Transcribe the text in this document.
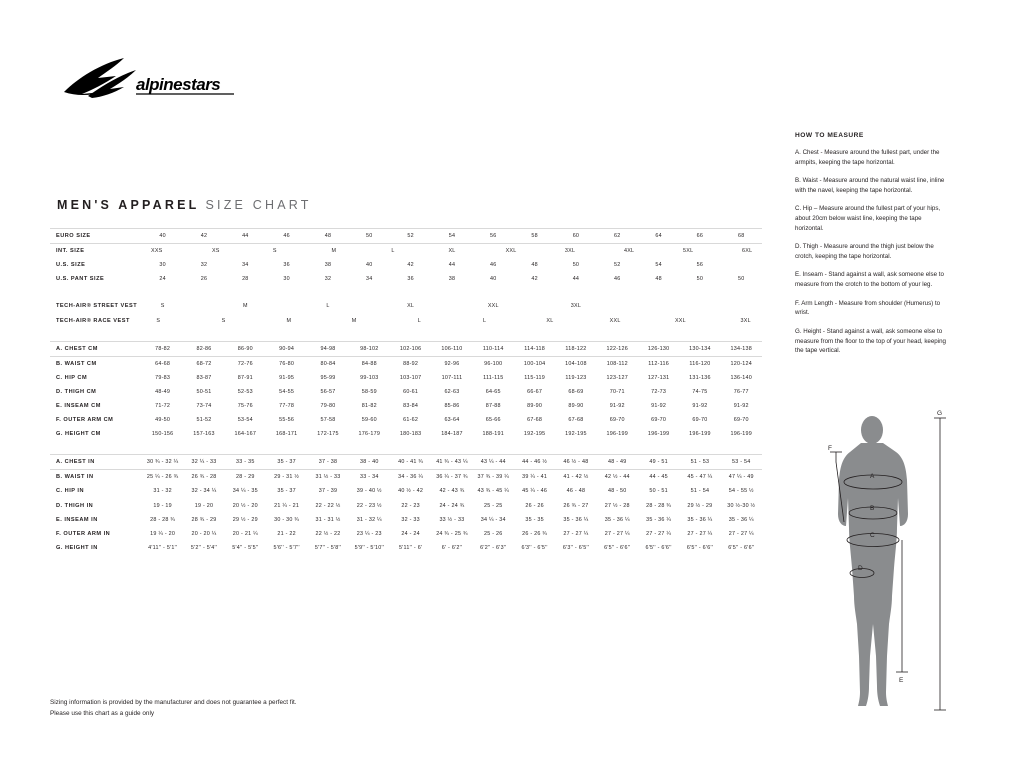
alpinestars
MEN'S APPAREL SIZE CHART
EURO SIZE	40	42	44	46	48	50	52	54	56	58	60	62	64	66	68
INT. SIZE	XXS	XS	S	M	L	XL	XXL	3XL	4XL	5XL	6XL

U.S. SIZE	30	32	34	36	38	40	42	44	46	48	50	52	54	56	
U.S. PANT SIZE	24	26	28	30	32	34	36	38	40	42	44	46	48	50	50

TECH-AIR® STREET VEST	S		M		L		XL		XXL		3XL				
TECH-AIR® RACE VEST	S	S	M	M	L	L	XL	XXL	XXL	3XL

A. CHEST CM	78-82	82-86	86-90	90-94	94-98	98-102	102-106	106-110	110-114	114-118	118-122	122-126	126-130	130-134	134-138
B. WAIST CM	64-68	68-72	72-76	76-80	80-84	84-88	88-92	92-96	96-100	100-104	104-108	108-112	112-116	116-120	120-124
C. HIP CM	79-83	83-87	87-91	91-95	95-99	99-103	103-107	107-111	111-115	115-119	119-123	123-127	127-131	131-136	136-140
D. THIGH CM	48-49	50-51	52-53	54-55	56-57	58-59	60-61	62-63	64-65	66-67	68-69	70-71	72-73	74-75	76-77
E. INSEAM CM	71-72	73-74	75-76	77-78	79-80	81-82	83-84	85-86	87-88	89-90	89-90	91-92	91-92	91-92	91-92
F. OUTER ARM CM	49-50	51-52	53-54	55-56	57-58	59-60	61-62	63-64	65-66	67-68	67-68	69-70	69-70	69-70	69-70
G. HEIGHT CM	150-156	157-163	164-167	168-171	172-175	176-179	180-183	184-187	188-191	192-195	192-195	196-199	196-199	196-199	196-199

A. CHEST IN	30 ¾ - 32 ¼	32 ¼ - 33	33 - 35	35 - 37	37 - 38	38 - 40	40 - 41 ¾	41 ¾ - 43 ¼	43 ¼ - 44	44 - 46 ½	46 ½ - 48	48 - 49	49 - 51	51 - 53	53 - 54
B. WAIST IN	25 ¼ - 26 ¾	26 ¾ - 28	28 - 29	29 - 31 ½	31 ½ - 33	33 - 34	34 - 36 ¼	36 ¼ - 37 ¾	37 ¾ - 39 ¼	39 ¼ - 41	41 - 42 ½	42 ½ - 44	44 - 45	45 - 47 ¼	47 ¼ - 49
C. HIP IN	31 - 32	32 - 34 ¼	34 ¼ - 35	35 - 37	37 - 39	39 - 40 ½	40 ½ - 42	42 - 43 ¾	43 ¾ - 45 ¼	45 ¼ - 46	46 - 48	48 - 50	50 - 51	51 - 54	54 - 55 ½
D. THIGH IN	19 - 19	19 - 20	20 ½ - 20	21 ¼ - 21	22 - 22 ½	22 - 23 ½	22 - 23	24 - 24 ¾	25 - 25	26 - 26	26 ¾ - 27	27 ½ - 28	28 - 28 ¾	29 ½ - 29	30 ½-30 ½
E. INSEAM IN	28 - 28 ¾	28 ¾ - 29	29 ½ - 29	30 - 30 ¾	31 - 31 ½	31 - 32 ¼	32 - 33	33 ½ - 33	34 ¼ - 34	35 - 35	35 - 36 ¼	35 - 36 ¼	35 - 36 ¼	35 - 36 ¼	35 - 36 ¼
F. OUTER ARM IN	19 ¼ - 20	20 - 20 ¼	20 - 21 ¼	21 - 22	22 ½ - 22	23 ¼ - 23	24 - 24	24 ¾ - 25 ¾	25 - 26	26 - 26 ¾	27 - 27 ¼	27 - 27 ¼	27 - 27 ¼	27 - 27 ¼	27 - 27 ¼
G. HEIGHT IN	4'11'' - 5'1''	5'2'' - 5'4''	5'4'' - 5'5''	5'6'' - 5'7''	5'7'' - 5'8''	5'9'' - 5'10''	5'11'' - 6'	6' - 6'2''	6'2'' - 6'3''	6'3'' - 6'5''	6'3'' - 6'5''	6'5'' - 6'6''	6'5'' - 6'6''	6'5'' - 6'6''	6'5'' - 6'6''
HOW TO MEASURE

A. Chest - Measure around the fullest part, under the armpits, keeping the tape horizontal.

B. Waist - Measure around the natural waist line, inline with the navel, keeping the tape horizontal.

C. Hip – Measure around the fullest part of your hips, about 20cm below waist line, keeping the tape horizontal.

D. Thigh - Measure around the thigh just below the crotch, keeping the tape horizontal.

E. Inseam - Stand against a wall, ask someone else to measure from the crotch to the bottom of your leg.

F. Arm Length - Measure from shoulder (Humerus) to wrist.

G. Height - Stand against a wall, ask someone else to measure from the floor to the top of your head, keeping the tape vertical.

A
B
C
D
E
F
G
Sizing information is provided by the manufacturer and does not guarantee a perfect fit.
Please use this chart as a guide only
